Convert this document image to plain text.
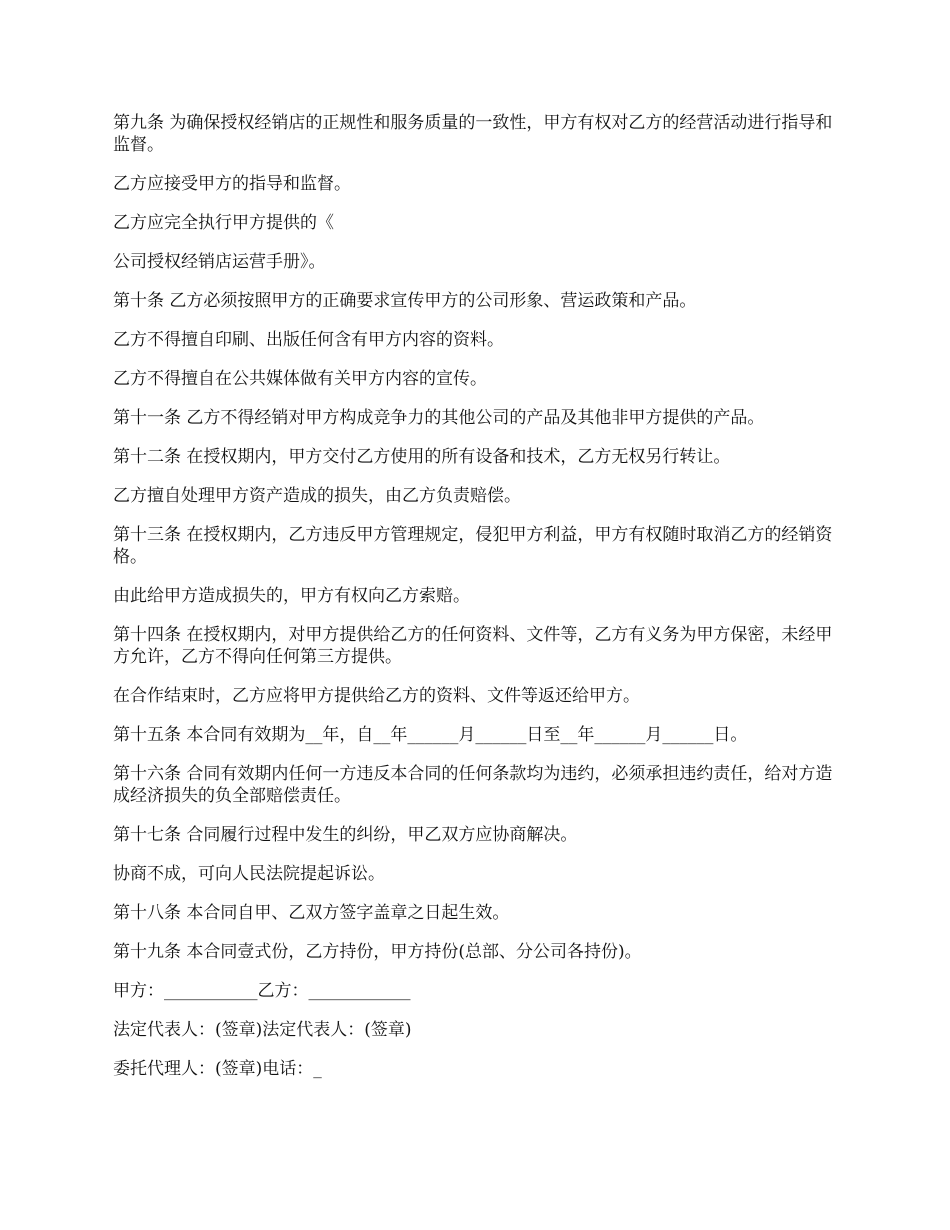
第九条 为确保授权经销店的正规性和服务质量的一致性，甲方有权对乙方的经营活动进行指导和监督。

乙方应接受甲方的指导和监督。

乙方应完全执行甲方提供的《

公司授权经销店运营手册》。

第十条 乙方必须按照甲方的正确要求宣传甲方的公司形象、营运政策和产品。

乙方不得擅自印刷、出版任何含有甲方内容的资料。

乙方不得擅自在公共媒体做有关甲方内容的宣传。

第十一条 乙方不得经销对甲方构成竞争力的其他公司的产品及其他非甲方提供的产品。

第十二条 在授权期内，甲方交付乙方使用的所有设备和技术，乙方无权另行转让。

乙方擅自处理甲方资产造成的损失，由乙方负责赔偿。

第十三条 在授权期内，乙方违反甲方管理规定，侵犯甲方利益，甲方有权随时取消乙方的经销资格。

由此给甲方造成损失的，甲方有权向乙方索赔。

第十四条 在授权期内，对甲方提供给乙方的任何资料、文件等，乙方有义务为甲方保密，未经甲方允许，乙方不得向任何第三方提供。

在合作结束时，乙方应将甲方提供给乙方的资料、文件等返还给甲方。

第十五条 本合同有效期为__年，自__年______月______日至__年______月______日。

第十六条 合同有效期内任何一方违反本合同的任何条款均为违约，必须承担违约责任，给对方造成经济损失的负全部赔偿责任。

第十七条 合同履行过程中发生的纠纷，甲乙双方应协商解决。

协商不成，可向人民法院提起诉讼。

第十八条 本合同自甲、乙双方签字盖章之日起生效。

第十九条 本合同壹式份，乙方持份，甲方持份(总部、分公司各持份)。

甲方：___________乙方：____________

法定代表人：(签章)法定代表人：(签章)

委托代理人：(签章)电话：_
